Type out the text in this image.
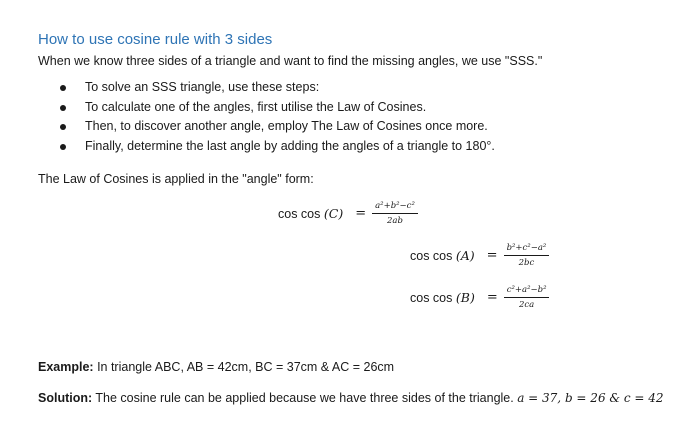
How to use cosine rule with 3 sides
When we know three sides of a triangle and want to find the missing angles, we use "SSS."
To solve an SSS triangle, use these steps:
To calculate one of the angles, first utilise the Law of Cosines.
Then, to discover another angle, employ The Law of Cosines once more.
Finally, determine the last angle by adding the angles of a triangle to 180°.
The Law of Cosines is applied in the "angle" form:
$\cos \cos (C) = \frac{\text{a²+b²−c²}}{2ab}$
$\cos \cos (A) = \frac{\text{b²+c²−a²}}{2bc}$
$\cos \cos (B) = \frac{\text{c²+a²−b²}}{2ca}$
Example: In triangle ABC, AB = 42cm, BC = 37cm & AC = 26cm
Solution: The cosine rule can be applied because we have three sides of the triangle. a = 37, b = 26 & c = 42
